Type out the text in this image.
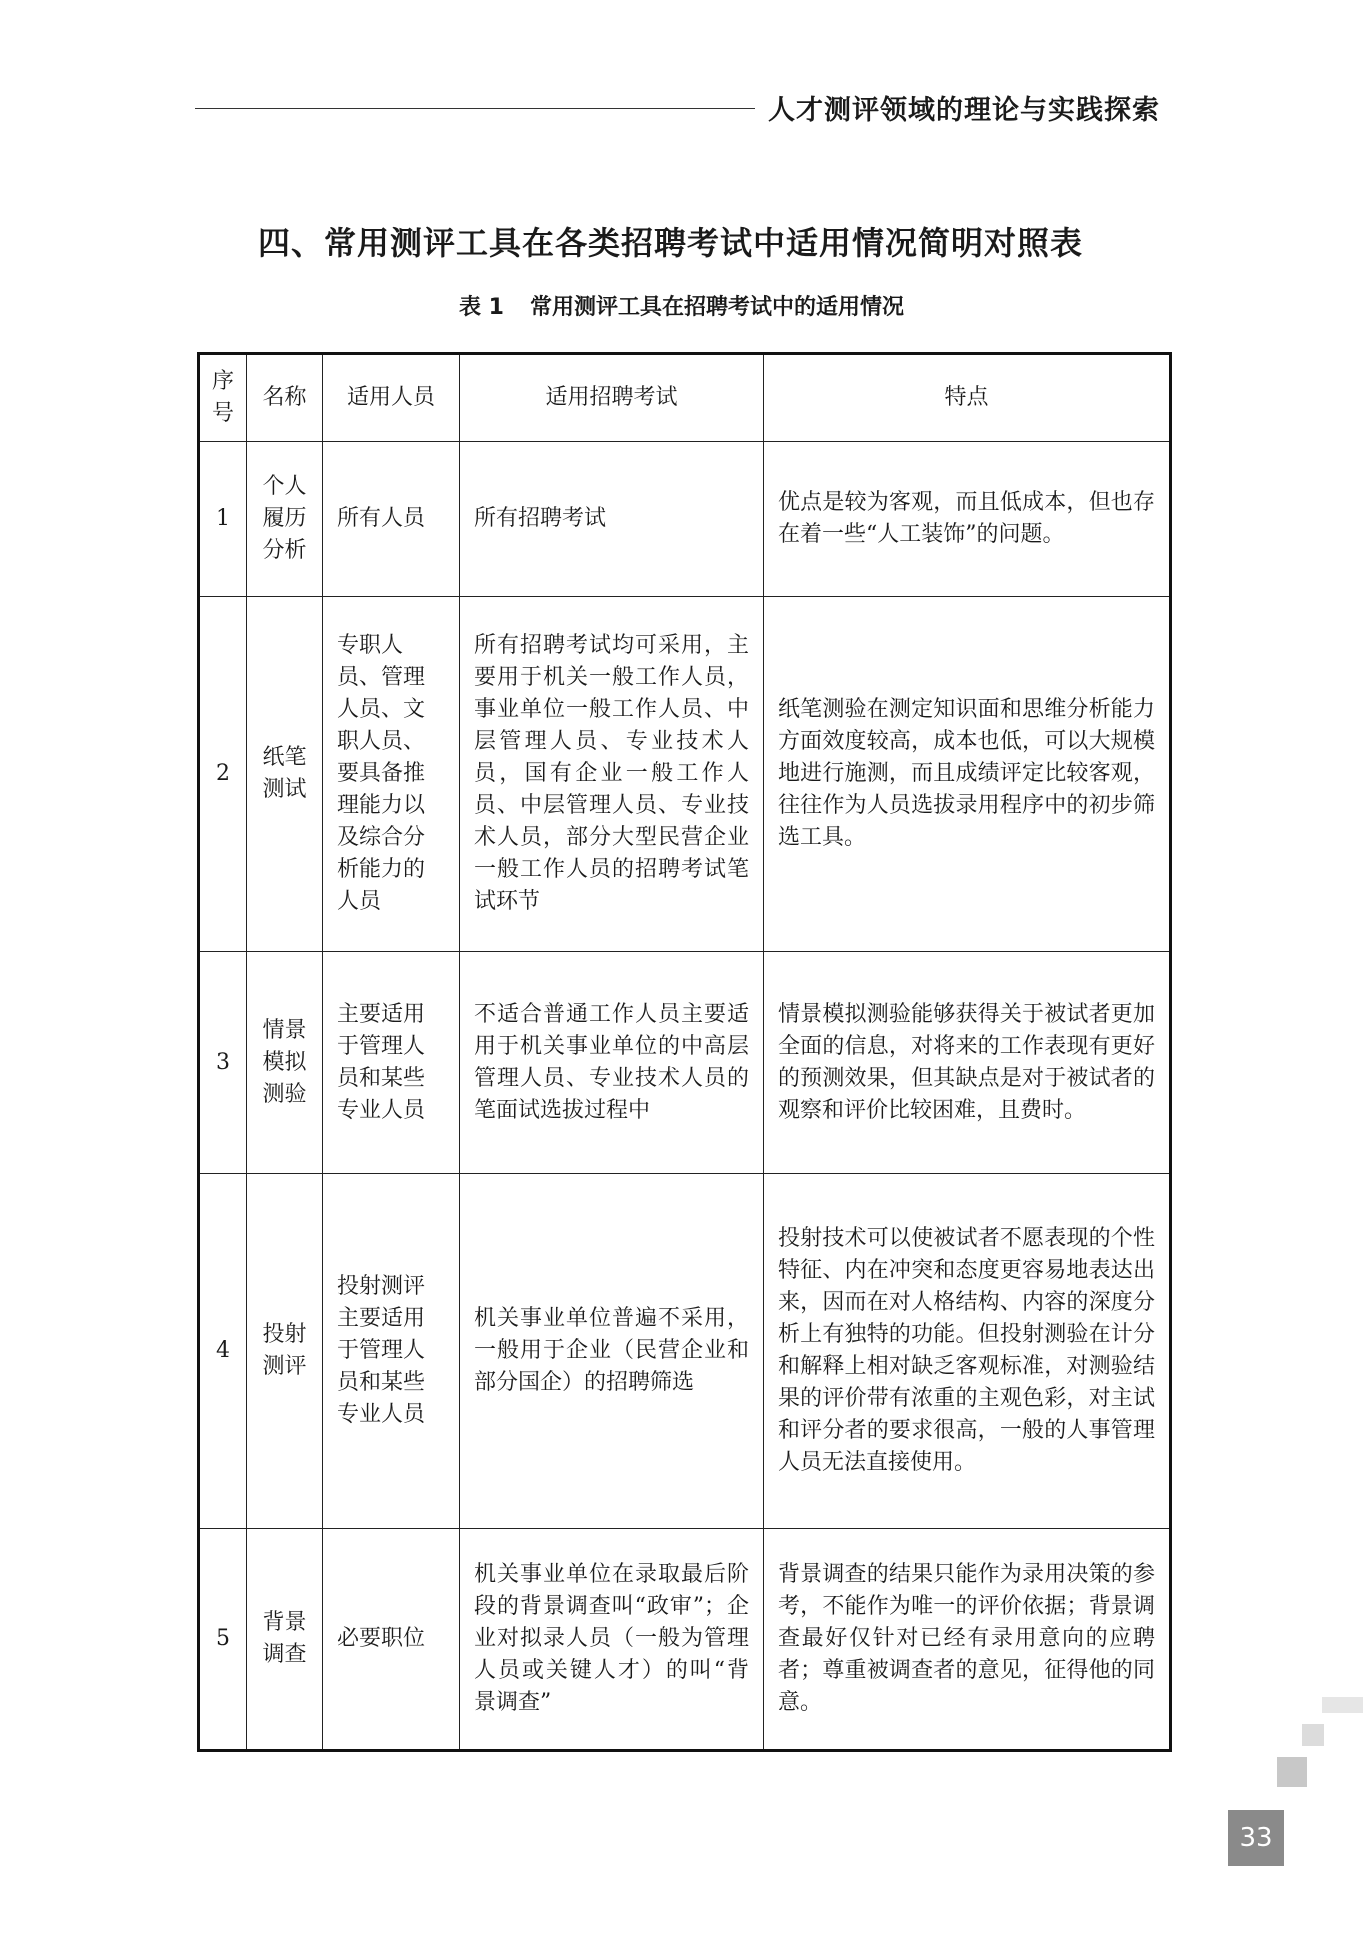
人才测评领域的理论与实践探索
四、常用测评工具在各类招聘考试中适用情况简明对照表
表 1 常用测评工具在招聘考试中的适用情况
序号	名称	适用人员	适用招聘考试	特点
1	个人履历分析	所有人员	所有招聘考试	优点是较为客观，而且低成本，但也存在着一些“人工装饰”的问题。
2	纸笔测试	专职人员、管理人员、文职人员、要具备推理能力以及综合分析能力的人员	所有招聘考试均可采用，主要用于机关一般工作人员，事业单位一般工作人员、中层管理人员、专业技术人员，国有企业一般工作人员、中层管理人员、专业技术人员，部分大型民营企业一般工作人员的招聘考试笔试环节	纸笔测验在测定知识面和思维分析能力方面效度较高，成本也低，可以大规模地进行施测，而且成绩评定比较客观，往往作为人员选拔录用程序中的初步筛选工具。
3	情景模拟测验	主要适用于管理人员和某些专业人员	不适合普通工作人员主要适用于机关事业单位的中高层管理人员、专业技术人员的笔面试选拔过程中	情景模拟测验能够获得关于被试者更加全面的信息，对将来的工作表现有更好的预测效果，但其缺点是对于被试者的观察和评价比较困难，且费时。
4	投射测评	投射测评主要适用于管理人员和某些专业人员	机关事业单位普遍不采用，一般用于企业（民营企业和部分国企）的招聘筛选	投射技术可以使被试者不愿表现的个性特征、内在冲突和态度更容易地表达出来，因而在对人格结构、内容的深度分析上有独特的功能。但投射测验在计分和解释上相对缺乏客观标准，对测验结果的评价带有浓重的主观色彩，对主试和评分者的要求很高，一般的人事管理人员无法直接使用。
5	背景调查	必要职位	机关事业单位在录取最后阶段的背景调查叫“政审”；企业对拟录人员（一般为管理人员或关键人才）的叫“背景调查”	背景调查的结果只能作为录用决策的参考，不能作为唯一的评价依据；背景调查最好仅针对已经有录用意向的应聘者；尊重被调查者的意见，征得他的同意。
33
